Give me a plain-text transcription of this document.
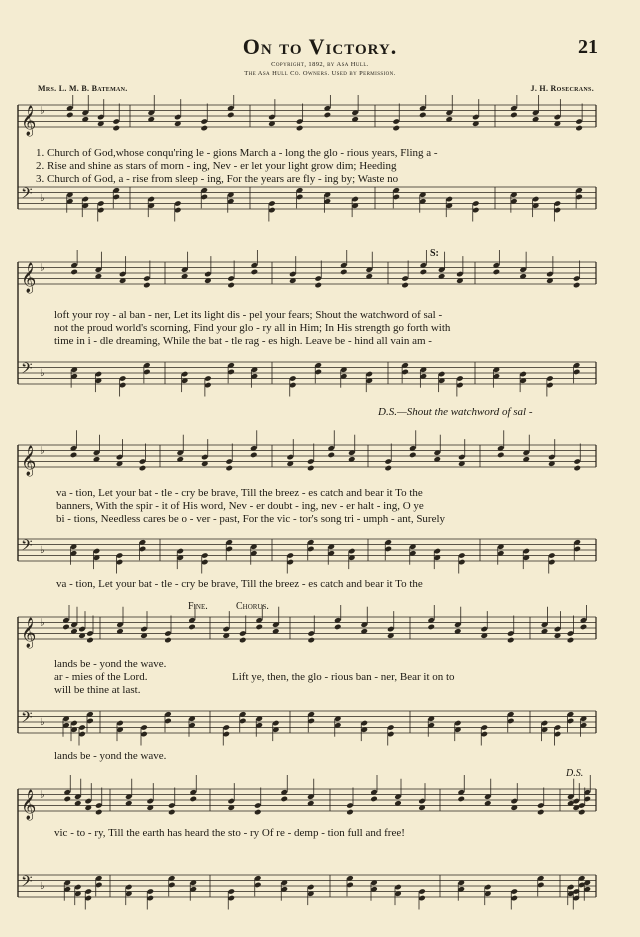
On to Victory.	21
Copyright, 1892, by Asa Hull.
The Asa Hull Co. Owners. Used by Permission.
Mrs. L. M. B. Bateman.	J. H. Rosecrans.
𝄞 ♭
𝄢 ♭
1. Church of God,whose conqu'ring le - gions March a - long the glo - rious years, Fling a -
2. Rise and shine as stars of morn - ing, Nev - er let your light grow dim; Heeding
3. Church of God, a - rise from sleep - ing, For the years are fly - ing by; Waste no
𝄞 ♭
𝄢 ♭
S:
loft your roy - al ban - ner, Let its light dis - pel your fears; Shout the watchword of sal -
not the proud world's scorning, Find your glo - ry all in Him; In His strength go forth with
time in i - dle dreaming, While the bat - tle rag - es high. Leave be - hind all vain am -
D.S.—Shout the watchword of sal -
𝄞 ♭
𝄢 ♭
va - tion, Let your bat - tle - cry be brave, Till the breez - es catch and bear it To the
banners, With the spir - it of His word, Nev - er doubt - ing, nev - er halt - ing, O ye
bi - tions, Needless cares be o - ver - past, For the vic - tor's song tri - umph - ant, Surely
va - tion, Let your bat - tle - cry be brave, Till the breez - es catch and bear it To the
Fine.	Chorus.
𝄞 ♭
𝄢 ♭
lands be - yond the wave.
ar - mies of the Lord.
will be thine at last.
Lift ye, then, the glo - rious ban - ner, Bear it on to
lands be - yond the wave.
D.S.
𝄞 ♭
𝄢 ♭
vic - to - ry, Till the earth has heard the sto - ry Of re - demp - tion full and free!
